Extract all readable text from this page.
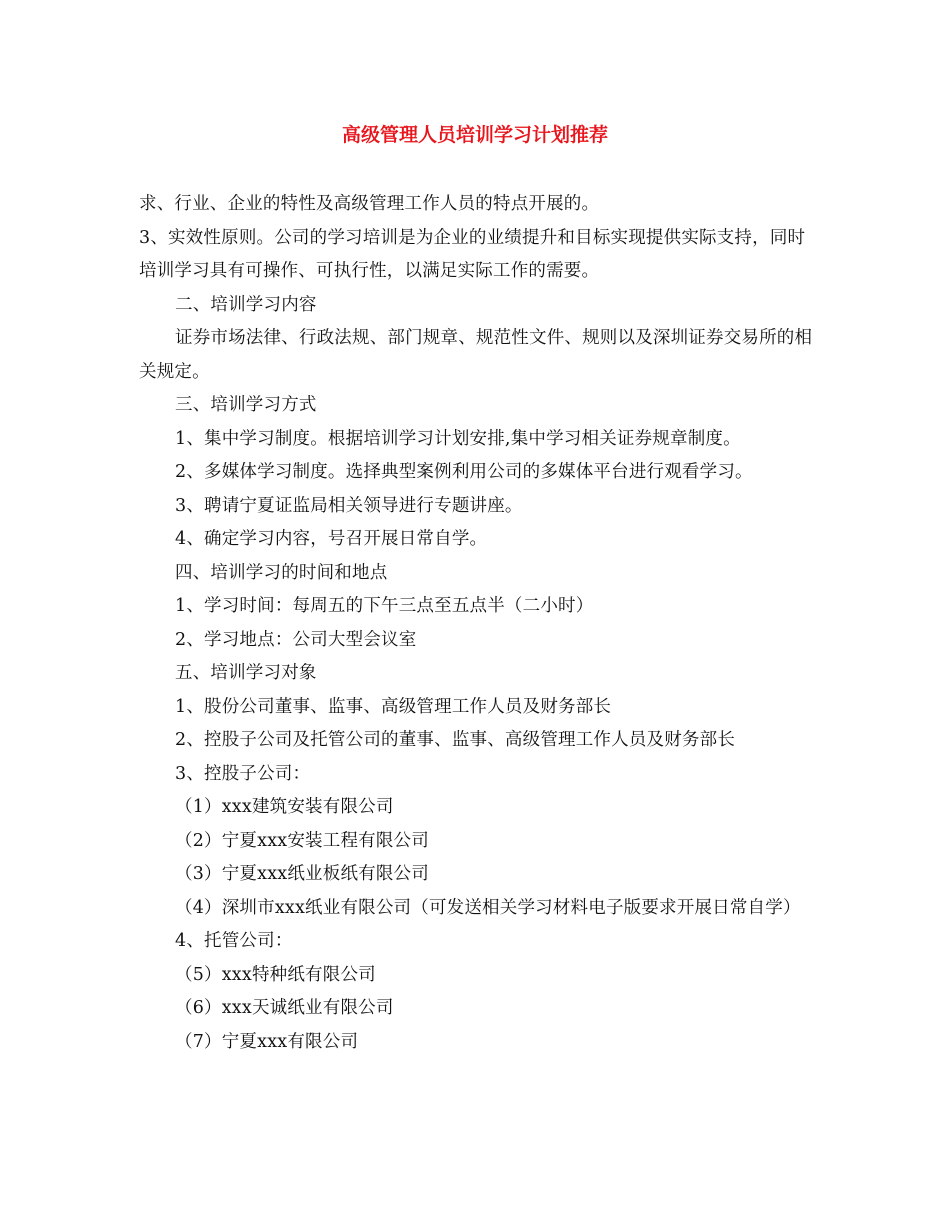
高级管理人员培训学习计划推荐

求、行业、企业的特性及高级管理工作人员的特点开展的。

3、实效性原则。公司的学习培训是为企业的业绩提升和目标实现提供实际支持，同时培训学习具有可操作、可执行性，以满足实际工作的需要。

二、培训学习内容

证券市场法律、行政法规、部门规章、规范性文件、规则以及深圳证券交易所的相关规定。

三、培训学习方式

1、集中学习制度。根据培训学习计划安排,集中学习相关证券规章制度。

2、多媒体学习制度。选择典型案例利用公司的多媒体平台进行观看学习。

3、聘请宁夏证监局相关领导进行专题讲座。

4、确定学习内容，号召开展日常自学。

四、培训学习的时间和地点

1、学习时间：每周五的下午三点至五点半（二小时）

2、学习地点：公司大型会议室

五、培训学习对象

1、股份公司董事、监事、高级管理工作人员及财务部长

2、控股子公司及托管公司的董事、监事、高级管理工作人员及财务部长

3、控股子公司：

（1）xxx建筑安装有限公司

（2）宁夏xxx安装工程有限公司

（3）宁夏xxx纸业板纸有限公司

（4）深圳市xxx纸业有限公司（可发送相关学习材料电子版要求开展日常自学）

4、托管公司：

（5）xxx特种纸有限公司

（6）xxx天诚纸业有限公司

（7）宁夏xxx有限公司
